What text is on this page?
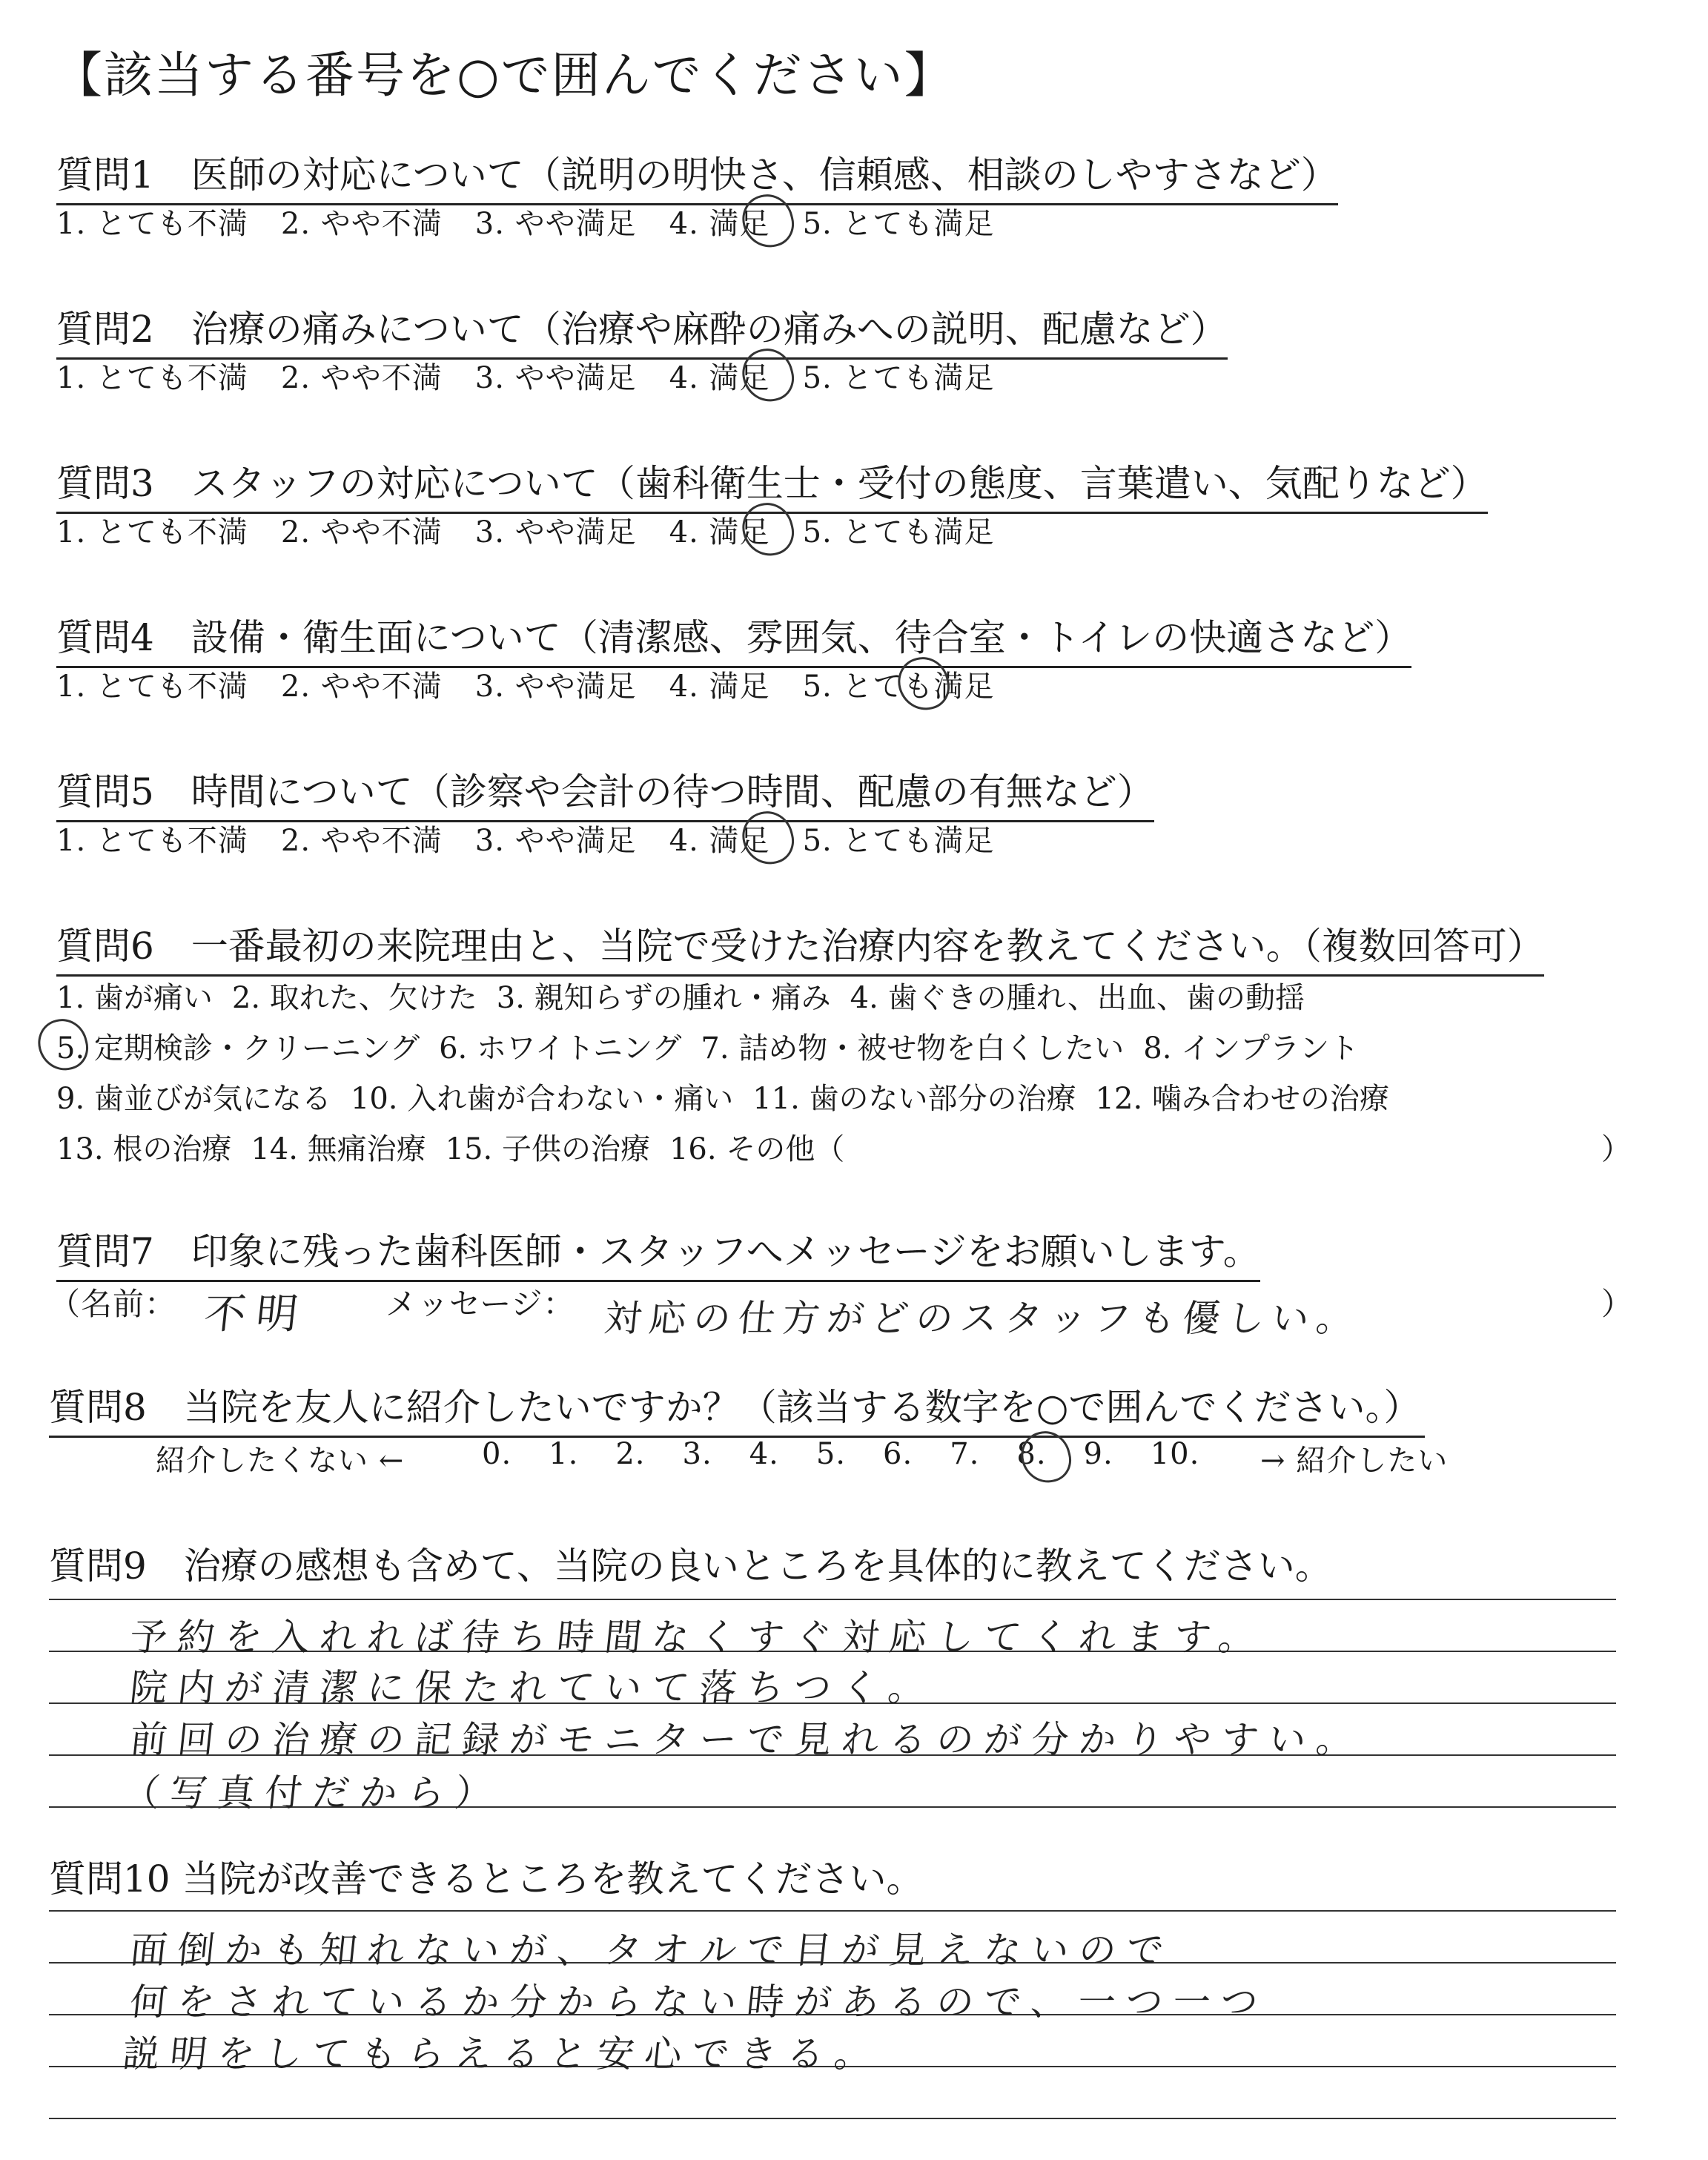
【該当する番号を○で囲んでください】
質問1　医師の対応について（説明の明快さ、信頼感、相談のしやすさなど）
1. とても不満 2. やや不満 3. やや満足 4. 満足 5. とても満足
質問2　治療の痛みについて（治療や麻酔の痛みへの説明、配慮など）
1. とても不満 2. やや不満 3. やや満足 4. 満足 5. とても満足
質問3　スタッフの対応について（歯科衛生士・受付の態度、言葉遣い、気配りなど）
1. とても不満 2. やや不満 3. やや満足 4. 満足 5. とても満足
質問4　設備・衛生面について（清潔感、雰囲気、待合室・トイレの快適さなど）
1. とても不満 2. やや不満 3. やや満足 4. 満足 5. とても満足
質問5　時間について（診察や会計の待つ時間、配慮の有無など）
1. とても不満 2. やや不満 3. やや満足 4. 満足 5. とても満足
質問6　一番最初の来院理由と、当院で受けた治療内容を教えてください。（複数回答可）
1. 歯が痛い 2. 取れた、欠けた 3. 親知らずの腫れ・痛み 4. 歯ぐきの腫れ、出血、歯の動揺
5. 定期検診・クリーニング 6. ホワイトニング 7. 詰め物・被せ物を白くしたい 8. インプラント
9. 歯並びが気になる 10. 入れ歯が合わない・痛い 11. 歯のない部分の治療 12. 噛み合わせの治療
13. 根の治療 14. 無痛治療 15. 子供の治療 16. その他（	）
質問7　印象に残った歯科医師・スタッフへメッセージをお願いします。
（名前： 不明 メッセージ： 対応の仕方がどのスタッフも優しい。	）
質問8　当院を友人に紹介したいですか？（該当する数字を○で囲んでください。）
紹介したくない ←	0. 1. 2. 3. 4. 5. 6. 7. 8. 9. 10.	→ 紹介したい
質問9　治療の感想も含めて、当院の良いところを具体的に教えてください。
予約を入れれば待ち時間なくすぐ対応してくれます。
院内が清潔に保たれていて落ちつく。
前回の治療の記録がモニターで見れるのが分かりやすい。
（写真付だから）
質問10 当院が改善できるところを教えてください。
面倒かも知れないが、タオルで目が見えないので
何をされているか分からない時があるので、一つ一つ
説明をしてもらえると安心できる。
